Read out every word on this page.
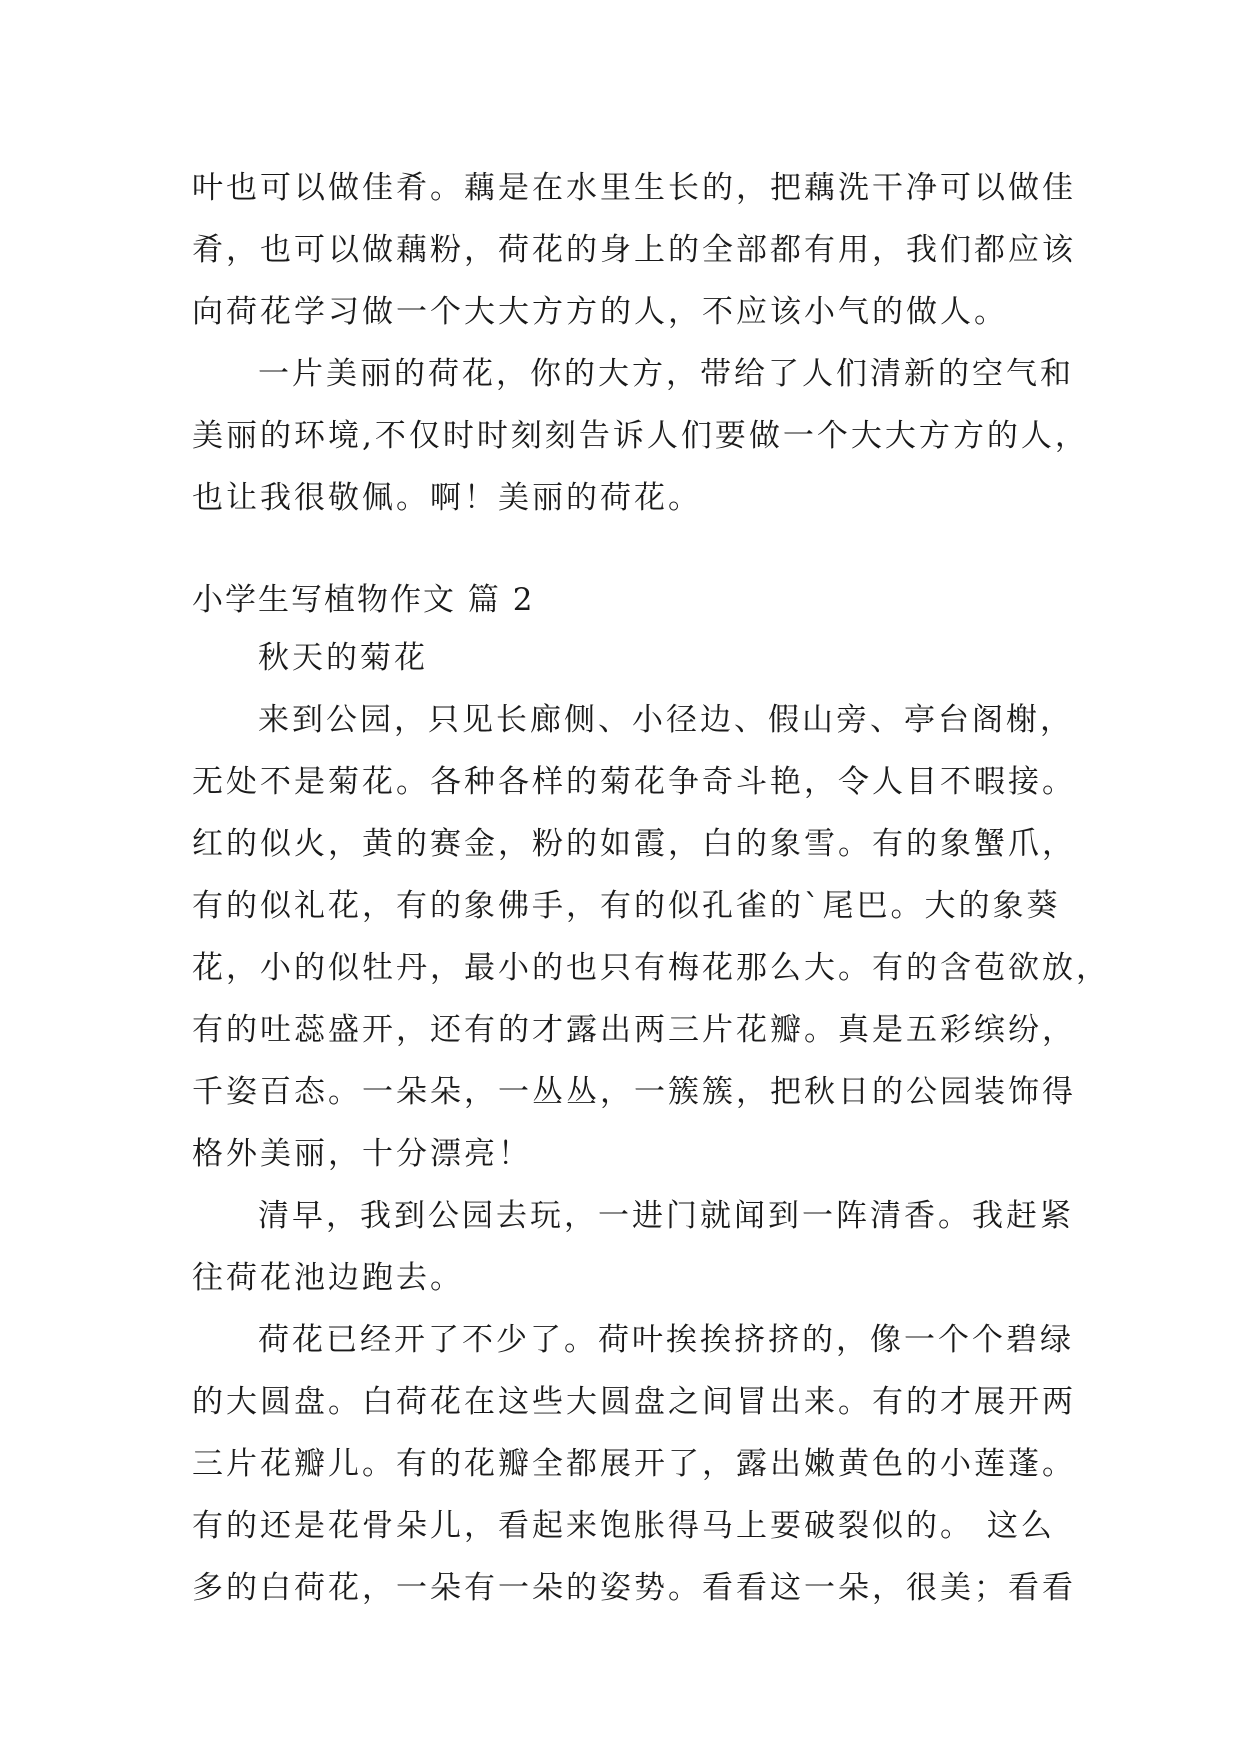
叶也可以做佳肴。藕是在水里生长的，把藕洗干净可以做佳
肴，也可以做藕粉，荷花的身上的全部都有用，我们都应该
向荷花学习做一个大大方方的人，不应该小气的做人。
一片美丽的荷花，你的大方，带给了人们清新的空气和
美丽的环境,不仅时时刻刻告诉人们要做一个大大方方的人，
也让我很敬佩。啊！美丽的荷花。
小学生写植物作文 篇 2
秋天的菊花
来到公园，只见长廊侧、小径边、假山旁、亭台阁榭，
无处不是菊花。各种各样的菊花争奇斗艳，令人目不暇接。
红的似火，黄的赛金，粉的如霞，白的象雪。有的象蟹爪，
有的似礼花，有的象佛手，有的似孔雀的`尾巴。大的象葵
花，小的似牡丹，最小的也只有梅花那么大。有的含苞欲放，
有的吐蕊盛开，还有的才露出两三片花瓣。真是五彩缤纷，
千姿百态。一朵朵，一丛丛，一簇簇，把秋日的公园装饰得
格外美丽，十分漂亮！
清早，我到公园去玩，一进门就闻到一阵清香。我赶紧
往荷花池边跑去。
荷花已经开了不少了。荷叶挨挨挤挤的，像一个个碧绿
的大圆盘。白荷花在这些大圆盘之间冒出来。有的才展开两
三片花瓣儿。有的花瓣全都展开了，露出嫩黄色的小莲蓬。
有的还是花骨朵儿，看起来饱胀得马上要破裂似的。 这么
多的白荷花，一朵有一朵的姿势。看看这一朵，很美；看看
